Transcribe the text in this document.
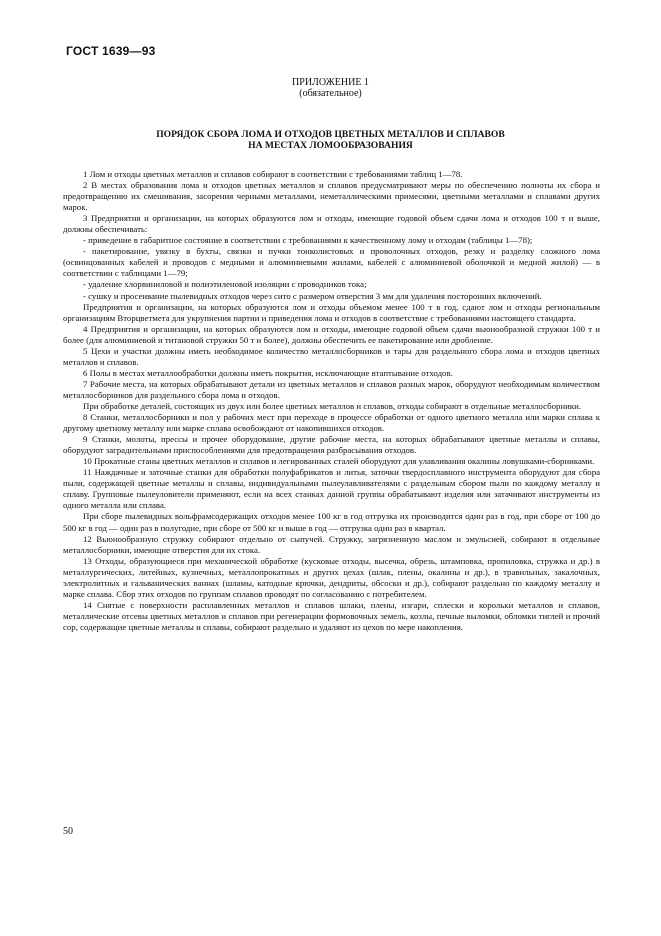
ГОСТ 1639—93
ПРИЛОЖЕНИЕ 1
(обязательное)
ПОРЯДОК СБОРА ЛОМА И ОТХОДОВ ЦВЕТНЫХ МЕТАЛЛОВ И СПЛАВОВ
НА МЕСТАХ ЛОМООБРАЗОВАНИЯ

1 Лом и отходы цветных металлов и сплавов собирают в соответствии с требованиями таблиц 1—78.

2 В местах образования лома и отходов цветных металлов и сплавов предусматривают меры по обеспечению полноты их сбора и предотвращению их смешивания, засорения черными металлами, неметаллическими примесями, цветными металлами и сплавами других марок.

3 Предприятия и организации, на которых образуются лом и отходы, имеющие годовой объем сдачи лома и отходов 100 т и выше, должны обеспечивать:

- приведение в габаритное состояние в соответствии с требованиями к качественному лому и отходам (таблицы 1—78);

- пакетирование, увязку в бухты, связки и пучки тонколистовых и проволочных отходов, резку и разделку сложного лома (освинцованных кабелей и проводов с медными и алюминиевыми жилами, кабелей с алюминиевой оболочкой и медной жилой) — в соответствии с таблицами 1—79;

- удаление хлорвиниловой и полиэтиленовой изоляции с проводников тока;

- сушку и просеивание пылевидных отходов через сито с размером отверстия 3 мм для удаления посторонних включений.

Предприятия и организации, на которых образуются лом и отходы объемом менее 100 т в год, сдают лом и отходы региональным организациям Вторцветмета для укрупнения партии и приведения лома и отходов в соответствие с требованиями настоящего стандарта.

4 Предприятия и организации, на которых образуются лом и отходы, имеющие годовой объем сдачи вьюнообразной стружки 100 т и более (для алюминиевой и титановой стружки 50 т и более), должны обеспечить ее пакетирование или дробление.

5 Цехи и участки должны иметь необходимое количество металлосборников и тары для раздельного сбора лома и отходов цветных металлов и сплавов.

6 Полы в местах металлообработки должны иметь покрытия, исключающие втаптывание отходов.

7 Рабочие места, на которых обрабатывают детали из цветных металлов и сплавов разных марок, оборудуют необходимым количеством металлосборников для раздельного сбора лома и отходов.

При обработке деталей, состоящих из двух или более цветных металлов и сплавов, отходы собирают в отдельные металлосборники.

8 Станки, металлосборники и пол у рабочих мест при переходе в процессе обработки от одного цветного металла или марки сплава к другому цветному металлу или марке сплава освобождают от накопившихся отходов.

9 Станки, молоты, прессы и прочее оборудование, другие рабочие места, на которых обрабатывают цветные металлы и сплавы, оборудуют заградительными приспособлениями для предотвращения разбрасывания отходов.

10 Прокатные станы цветных металлов и сплавов и легированных сталей оборудуют для улавливания окалины ловушками-сборниками.

11 Наждачные и заточные станки для обработки полуфабрикатов и литья, заточки твердосплавного инструмента оборудуют для сбора пыли, содержащей цветные металлы и сплавы, индивидуальными пылеулавливателями с раздельным сбором пыли по каждому металлу и сплаву. Групповые пылеуловители применяют, если на всех станках данной группы обрабатывают изделия или затачивают инструменты из одного металла или сплава.

При сборе пылевидных вольфрамсодержащих отходов менее 100 кг в год отгрузка их производится один раз в год, при сборе от 100 до 500 кг в год — один раз в полугодие, при сборе от 500 кг и выше в год — отгрузка один раз в квартал.

12 Вьюнообразную стружку собирают отдельно от сыпучей. Стружку, загрязненную маслом и эмульсией, собирают в отдельные металлосборники, имеющие отверстия для их стока.

13 Отходы, образующиеся при механической обработке (кусковые отходы, высечка, обрезь, штамповка, пропиловка, стружка и др.) в металлургических, литейных, кузнечных, металлопрокатных и других цехах (шлак, плены, окалины и др.), в травильных, закалочных, электролитных и гальванических ваннах (шламы, катодные крючки, дендриты, обсоски и др.), собирают раздельно по каждому металлу и марке сплава. Сбор этих отходов по группам сплавов проводят по согласованию с потребителем.

14 Снятые с поверхности расплавленных металлов и сплавов шлаки, плены, изгари, сплески и корольки металлов и сплавов, металлические отсевы цветных металлов и сплавов при регенерации формовочных земель, козлы, печные выломки, обломки тиглей и прочий сор, содержащие цветные металлы и сплавы, собирают раздельно и удаляют из цехов по мере накопления.

50
